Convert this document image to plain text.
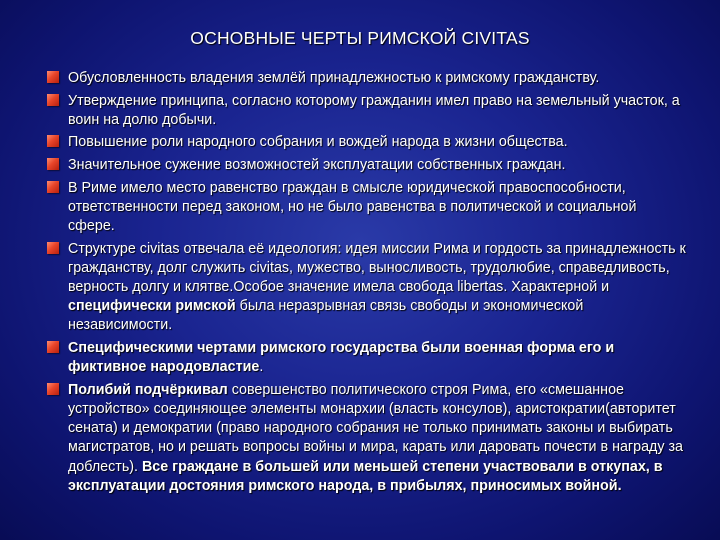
ОСНОВНЫЕ ЧЕРТЫ РИМСКОЙ CIVITAS
Обусловленность владения землёй принадлежностью к римскому гражданству.
Утверждение принципа, согласно которому гражданин имел право на земельный участок, а воин на долю добычи.
Повышение роли народного собрания и вождей народа в жизни общества.
Значительное сужение возможностей эксплуатации собственных граждан.
В Риме имело место равенство граждан в смысле юридической правоспособности, ответственности перед законом, но не было равенства в политической и социальной сфере.
Структуре civitas отвечала её идеология: идея миссии Рима и гордость за принадлежность к гражданству, долг служить civitas, мужество, выносливость, трудолюбие, справедливость, верность долгу и клятве.Особое значение имела свобода libertas. Характерной и специфически римской была неразрывная связь свободы и экономической независимости.
Специфическими чертами римского государства были военная форма его и фиктивное народовластие.
Полибий подчёркивал совершенство политического строя Рима, его «смешанное устройство» соединяющее элементы монархии (власть консулов), аристократии(авторитет сената) и демократии (право народного собрания не только принимать законы и выбирать магистратов, но и решать вопросы войны и мира, карать или даровать почести в награду за доблесть). Все граждане в большей или меньшей степени участвовали в откупах, в эксплуатации достояния римского народа, в прибылях, приносимых войной.
